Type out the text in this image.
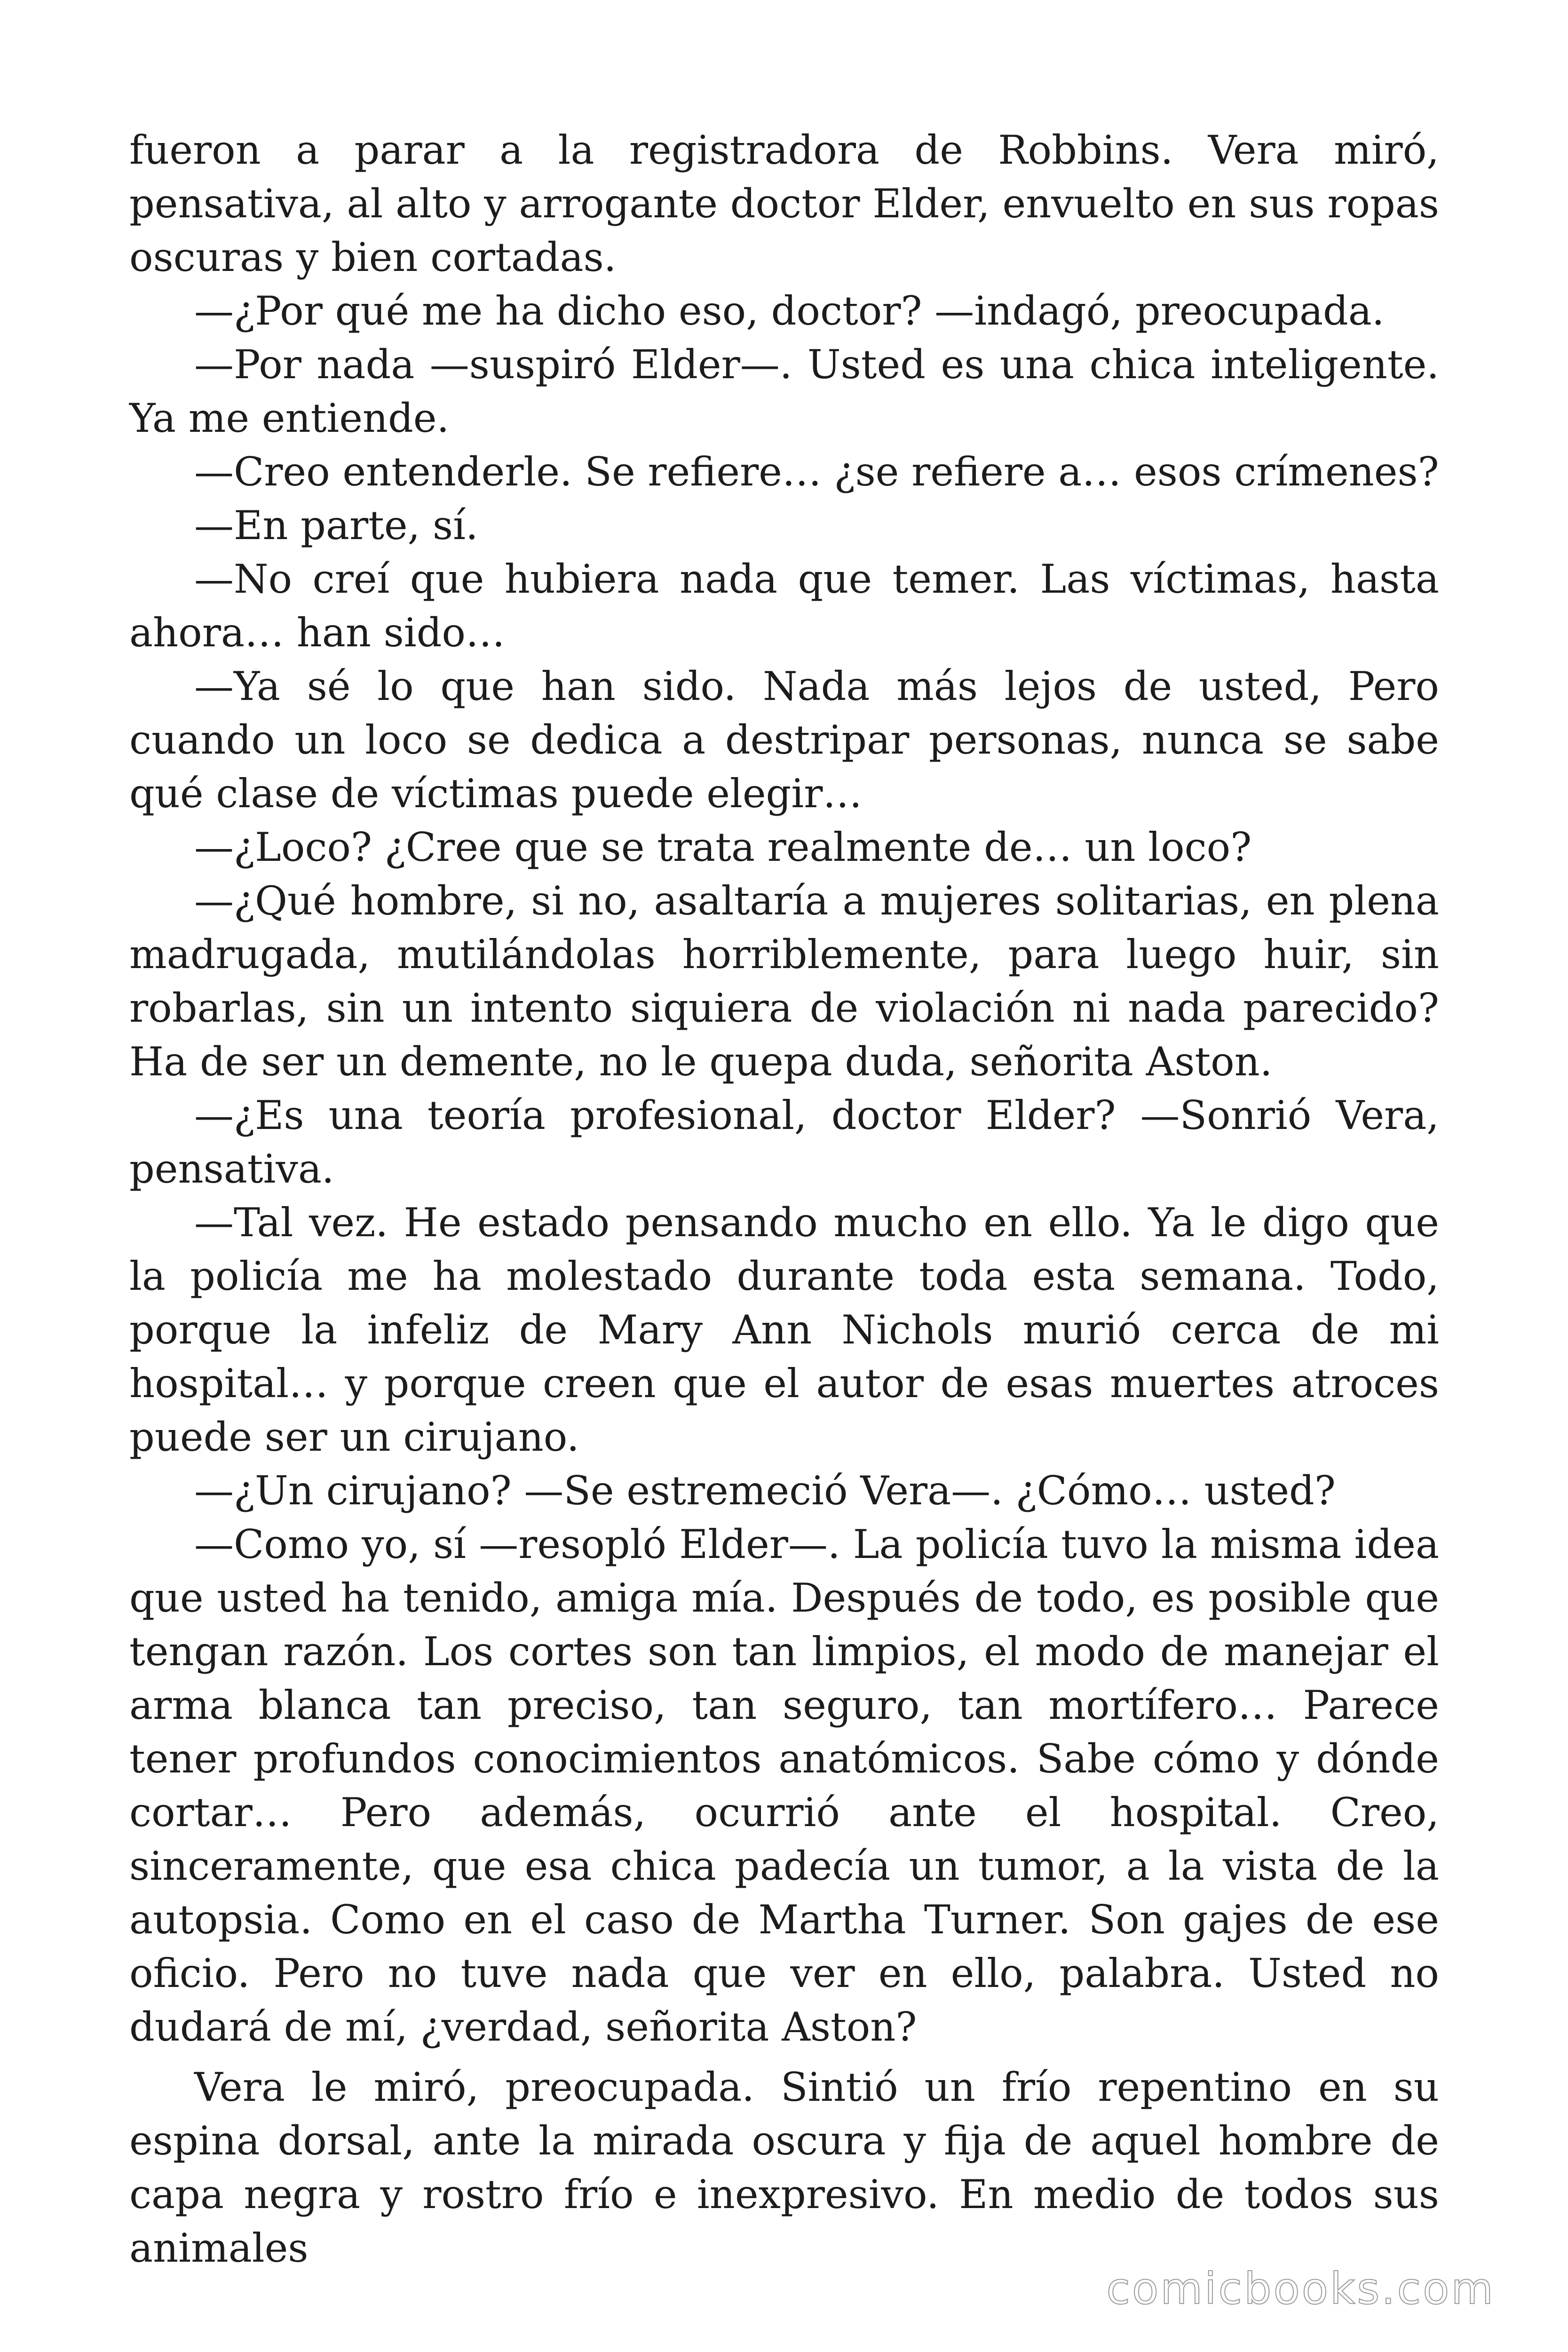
fueron a parar a la registradora de Robbins. Vera miró, pensativa, al alto y arrogante doctor Elder, envuelto en sus ropas oscuras y bien cortadas.

—¿Por qué me ha dicho eso, doctor? —indagó, preocupada.

—Por nada —suspiró Elder—. Usted es una chica inteligente. Ya me entiende.

—Creo entenderle. Se refiere… ¿se refiere a… esos crímenes?

—En parte, sí.

—No creí que hubiera nada que temer. Las víctimas, hasta ahora… han sido…

—Ya sé lo que han sido. Nada más lejos de usted, Pero cuando un loco se dedica a destripar personas, nunca se sabe qué clase de víctimas puede elegir…

—¿Loco? ¿Cree que se trata realmente de… un loco?

—¿Qué hombre, si no, asaltaría a mujeres solitarias, en plena madrugada, mutilándolas horriblemente, para luego huir, sin robarlas, sin un intento siquiera de violación ni nada parecido? Ha de ser un demente, no le quepa duda, señorita Aston.

—¿Es una teoría profesional, doctor Elder? —Sonrió Vera, pensativa.

—Tal vez. He estado pensando mucho en ello. Ya le digo que la policía me ha molestado durante toda esta semana. Todo, porque la infeliz de Mary Ann Nichols murió cerca de mi hospital… y porque creen que el autor de esas muertes atroces puede ser un cirujano.

—¿Un cirujano? —Se estremeció Vera—. ¿Cómo… usted?

—Como yo, sí —resopló Elder—. La policía tuvo la misma idea que usted ha tenido, amiga mía. Después de todo, es posible que tengan razón. Los cortes son tan limpios, el modo de manejar el arma blanca tan preciso, tan seguro, tan mortífero… Parece tener profundos conocimientos anatómicos. Sabe cómo y dónde cortar… Pero además, ocurrió ante el hospital. Creo, sinceramente, que esa chica padecía un tumor, a la vista de la autopsia. Como en el caso de Martha Turner. Son gajes de ese oficio. Pero no tuve nada que ver en ello, palabra. Usted no dudará de mí, ¿verdad, señorita Aston?

Vera le miró, preocupada. Sintió un frío repentino en su espina dorsal, ante la mirada oscura y fija de aquel hombre de capa negra y rostro frío e inexpresivo. En medio de todos sus animales

comicbooks.com
